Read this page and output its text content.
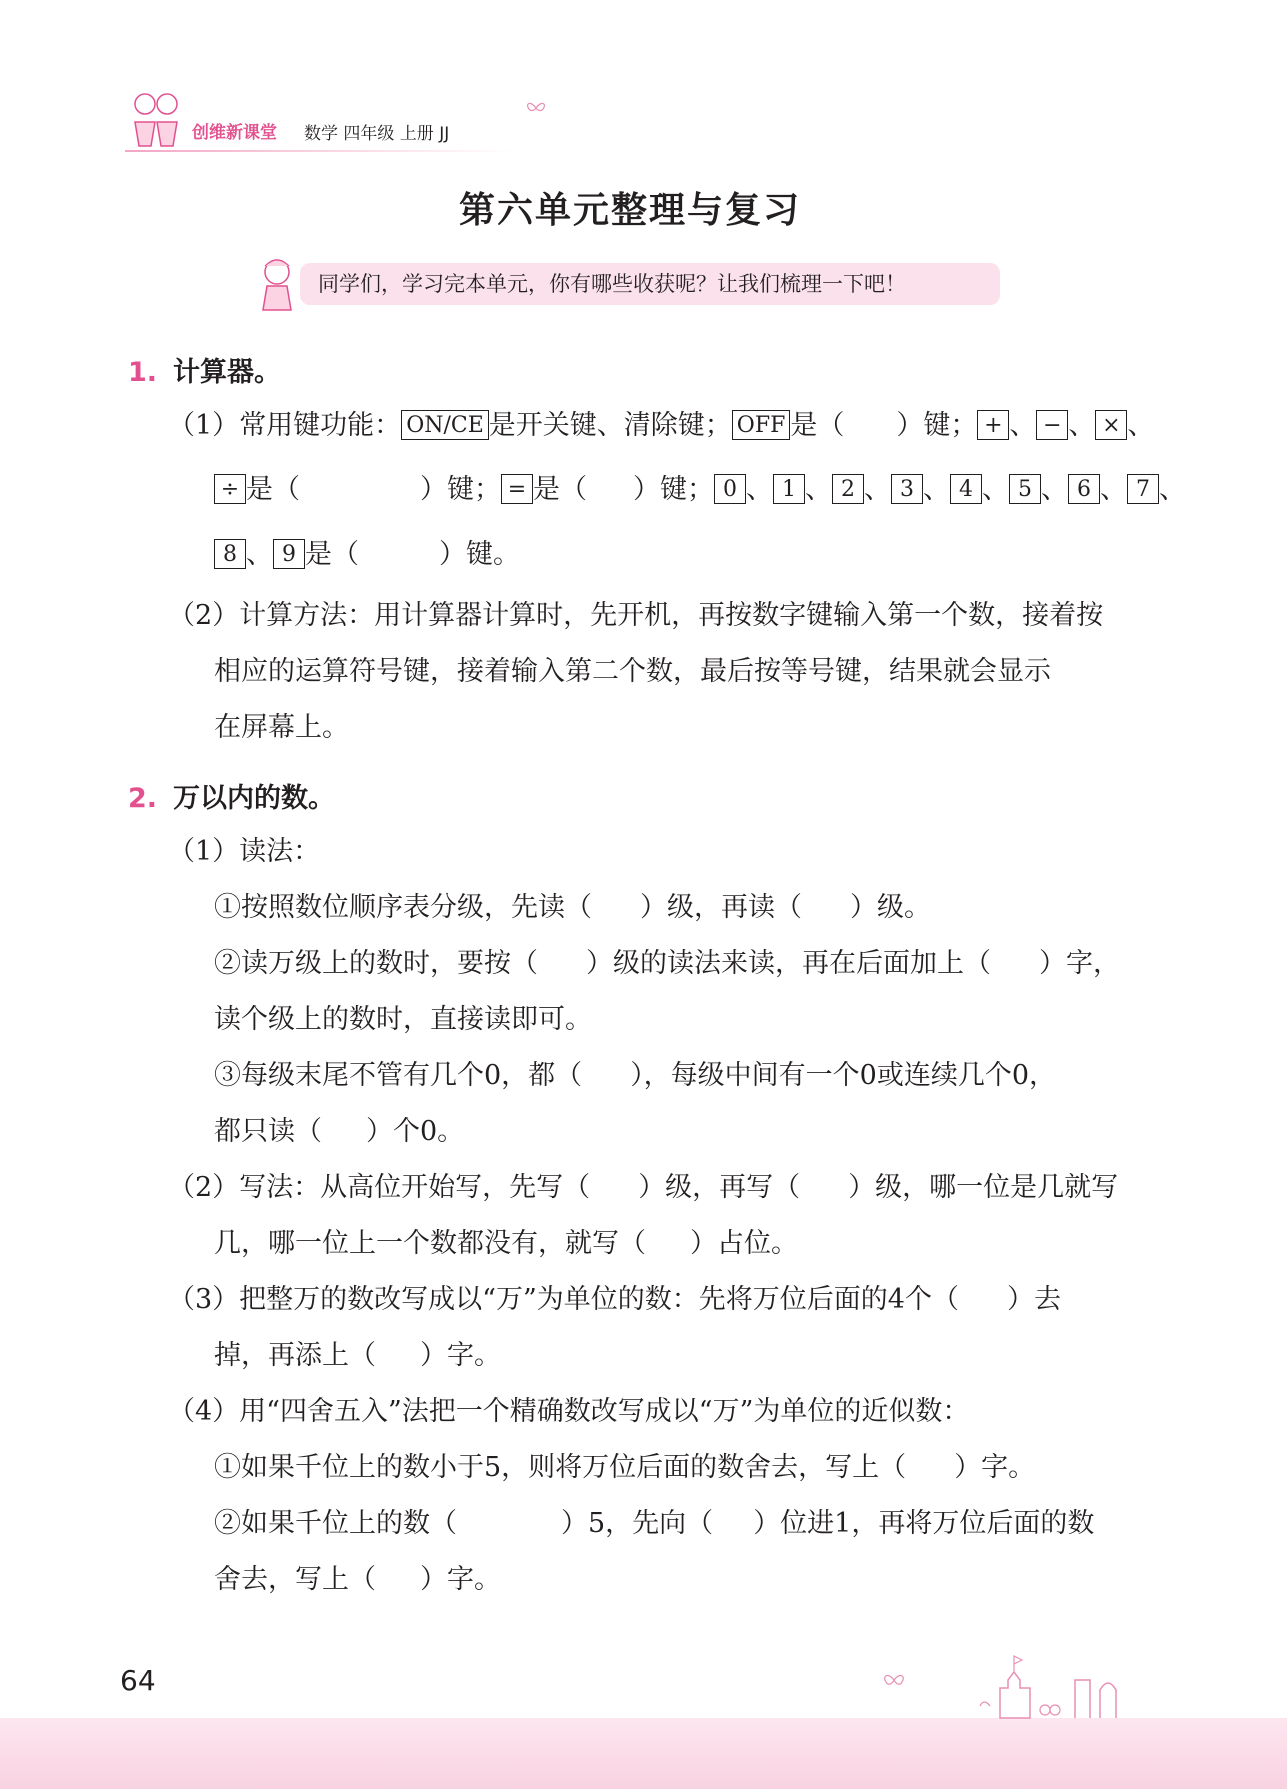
创维新课堂 数学 四年级 上册 JJ
第六单元整理与复习
同学们，学习完本单元，你有哪些收获呢？让我们梳理一下吧！
1. 计算器。
（1）常用键功能： ON/CE 是开关键、清除键； OFF 是（ ）键； + 、 − 、 × 、
÷ 是（	）键； = 是（ ）键； 0 、 1 、 2 、 3 、 4 、 5 、 6 、 7 、
8 、 9 是（	）键。
（2）计算方法：用计算器计算时，先开机，再按数字键输入第一个数，接着按
相应的运算符号键，接着输入第二个数，最后按等号键，结果就会显示
在屏幕上。
2. 万以内的数。
（1）读法：
①按照数位顺序表分级，先读（ ）级，再读（ ）级。
②读万级上的数时，要按（ ）级的读法来读，再在后面加上（ ）字，
读个级上的数时，直接读即可。
③每级末尾不管有几个0，都（ ），每级中间有一个0或连续几个0，
都只读（ ）个0。
（2）写法：从高位开始写，先写（ ）级，再写（ ）级，哪一位是几就写
几，哪一位上一个数都没有，就写（ ）占位。
（3）把整万的数改写成以“万”为单位的数：先将万位后面的4个（ ）去
掉，再添上（ ）字。
（4）用“四舍五入”法把一个精确数改写成以“万”为单位的近似数：
①如果千位上的数小于5，则将万位后面的数舍去，写上（ ）字。
②如果千位上的数（	）5，先向（ ）位进1，再将万位后面的数
舍去，写上（ ）字。
64
